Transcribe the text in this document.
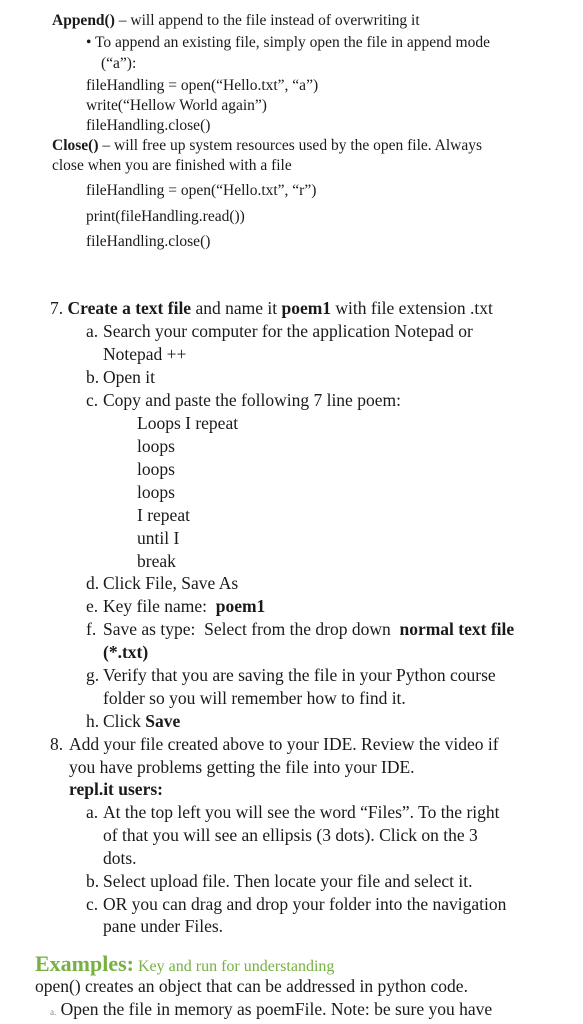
Append() – will append to the file instead of overwriting it
• To append an existing file, simply open the file in append mode
(“a”):
fileHandling = open(“Hello.txt”, “a”)
write(“Hellow World again”)
fileHandling.close()
Close() – will free up system resources used by the open file. Always
close when you are finished with a file
fileHandling = open(“Hello.txt”, “r”)
print(fileHandling.read())
fileHandling.close()
7. Create a text file and name it poem1 with file extension .txt
a. Search your computer for the application Notepad or
Notepad ++
b. Open it
c. Copy and paste the following 7 line poem:
Loops I repeat
loops
loops
loops
I repeat
until I
break
d. Click File, Save As
e. Key file name:  poem1
f. Save as type:  Select from the drop down  normal text file
(*.txt)
g. Verify that you are saving the file in your Python course
folder so you will remember how to find it.
h. Click Save
8. Add your file created above to your IDE. Review the video if
you have problems getting the file into your IDE.
repl.it users:
a. At the top left you will see the word “Files”. To the right
of that you will see an ellipsis (3 dots). Click on the 3
dots.
b. Select upload file. Then locate your file and select it.
c. OR you can drag and drop your folder into the navigation
pane under Files.
Examples: Key and run for understanding
open() creates an object that can be addressed in python code.
a. Open the file in memory as poemFile. Note: be sure you have
